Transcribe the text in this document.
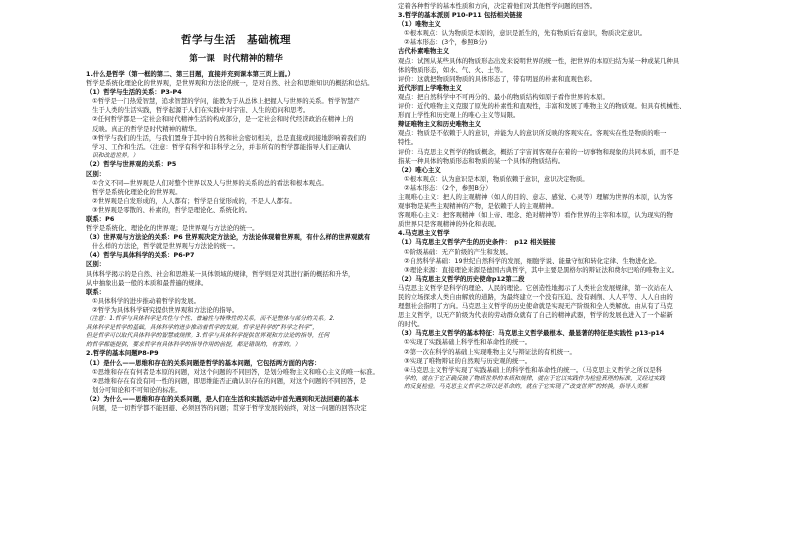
哲学与生活　基础梳理

第一课　时代精神的精华

1.什么是哲学（第一框的第二、第三目题，直接并充到课本第三页上面。）

哲学是系统化理论化的世界观，是世界观和方法论的统一，是对自然、社会和思维知识的概括和总结。

（1）哲学与生活的关系：P3-P4

①哲学是一门热爱智慧，追求智慧的学问，能教为于从总体上把握人与世界的关系。哲学智慧产

生于人类的生活实践，哲学起源于人们在实践中对宇宙、人生的追问和思考。

②任何哲学都是一定社会和时代精神生活的构成部分，是一定社会和时代经济政治在精神上的

反映。真正的哲学是时代精神的精华。

③哲学与我们的生活，与我们置身于其中的自然和社会密切相关，总是直接或间接地影响着我们的

学习、工作和生活。（注意：哲学有科学和非科学之分，并非所有的哲学都能指导人们正确认

识和改造世界。）

（2）哲学与世界观的关系：P5

区别：

①含义不同—世界观是人们对整个世界以及人与世界的关系的总的看法和根本观点。

哲学是系统化理论化的世界观。

②世界观是自发形成的，人人都有；哲学是自觉形成的，不是人人都有。

③世界观是零散的、朴素的，哲学是理论化、系统化的。

联系：P6

哲学是系统化、理论化的世界观；是世界观与方法论的统一。

（3）世界观与方法论的关系：P6 世界观决定方法论，方法论体现着世界观，有什么样的世界观就有

什么样的方法论，哲学就是世界观与方法论的统一。

（4）哲学与具体科学的关系：P6-P7

区别：

具体科学揭示的是自然、社会和思维某一具体领域的规律，哲学则是对其进行新的概括和升华，

从中抽象出最一般的本质和最普遍的规律。

联系：

①具体科学的进步推动着哲学的发展。

②哲学为具体科学研究提供世界观和方法论的指导。

（注意：1.哲学与具体科学是共性与个性、普遍性与特殊性的关系，而不是整体与部分的关系。2.

具体科学是哲学的基础，具体科学的进步推动着哲学的发展。哲学是科学的“科学之科学”，

但是哲学可以取代具体科学的智慧或规律。3.哲学与具体科学提供世界观和方法论的指导，任何

的哲学都能提供，要求哲学有具体科学的指导作用的前提，都是错误的，有害的。）

2.哲学的基本问题P8-P9

（1）是什么——思维和存在的关系问题是哲学的基本问题，它包括两方面的内容：

①思维和存在有何者是本原的问题，对这个问题的不同回答，是划分唯物主义和唯心主义的唯一标准。

②思维和存在有没有同一性的问题，即思维能否正确认识存在的问题，对这个问题的不同回答，是

划分可知论和不可知论的标准。

（2）为什么——思维和存在的关系问题，是人们在生活和实践活动中首先遇到和无法回避的基本

问题，是一切哲学都不能回避、必须回答的问题；贯穿于哲学发展的始终，对这一问题的回答决定

定着各种哲学的基本性质和方向，决定着他们对其他哲学问题的回答。

3.哲学的基本派别 P10-P11 包括相关链接

（1）唯物主义

①根本观点：认为物质是本原的，意识是派生的，先有物质后有意识，物质决定意识。

②基本形态：(3个，参照B分)

古代朴素唯物主义

观点：试图从某些具体的物质形态出发来说明世界的统一性，把世界的本原归结为某一种或某几种具

体的物质形态，如水、气、火、土等。

评价：这就把物质同物质的具体形态了，带有明显的朴素和直观色彩。

近代形而上学唯物主义

观点：把自然科学中不可再分的、最小的物质结构如原子看作世界的本原。

评价：近代唯物主义克服了原先的朴素性和直观性，丰富和发展了唯物主义的物质观。但具有机械性、

形而上学性和历史观上的唯心主义等局限。

辩证唯物主义和历史唯物主义

观点：物质是不依赖于人的意识，并能为人的意识所反映的客观实在。客观实在性是物质的唯一

特性。

评价：马克思主义哲学的物质概念，概括了宇宙间客观存在着的一切事物和现象的共同本质，而不是

指某一种具体的物质形态和物质的某一个具体的物质结构。

（2）唯心主义

①根本观点：认为意识是本原，物质依赖于意识，意识决定物质。

②基本形态：（2个，参照B分）

主观唯心主义：把人的主观精神（如人的目的、意志、感觉、心灵等）理解为世界的本原，认为客

观事物是某些主观精神的产物，是依赖于人的主观精神。

客观唯心主义：把客观精神（如上帝、理念、绝对精神等）看作世界的主宰和本原，认为现实的物

质世界只是客观精神的外化和表现。

4.马克思主义哲学

（1）马克思主义哲学产生的历史条件：　p12 相关链接

①阶级基础：无产阶级的产生和发展。

②自然科学基础：19世纪自然科学的发展，细胞学说、能量守恒和转化定律、生物进化论。

③理论来源：直接理论来源是德国古典哲学，其中主要是黑格尔的辩证法和费尔巴哈的唯物主义。

（2）马克思主义哲学的历史使命p12第二段

马克思主义哲学是科学的理论、人民的理论。它创造性地揭示了人类社会发展规律，第一次站在人

民的立场探求人类自由解放的道路，为最终建立一个没有压迫、没有剥削、人人平等、人人自由的

理想社会指明了方向。马克思主义哲学的历史使命就是实现无产阶级和全人类解放。由从有了马克

思主义哲学，以无产阶级为代表的劳动群众就有了自己的精神武器，哲学的发展也进入了一个崭新

的时代。

（3）马克思主义哲学的基本特征：马克思主义哲学最根本、最显著的特征是实践性 p13-p14

①实现了实践基础上科学性和革命性的统一。

②第一次在科学的基础上实现唯物主义与辩证法的有机统一。

③实现了唯物辩证的自然观与历史观的统一。

④马克思主义哲学实现了实践基础上的科学性和革命性的统一。（马克思主义哲学之所以是科

学的，就在于它正确反映了物质世界的本质和规律，就在于它以实践作为检验真理的标准，又经过实践

的反复检验。马克思主义哲学之所以是革命的，就在于它实现了“改变世界”的转换，指导人类解
